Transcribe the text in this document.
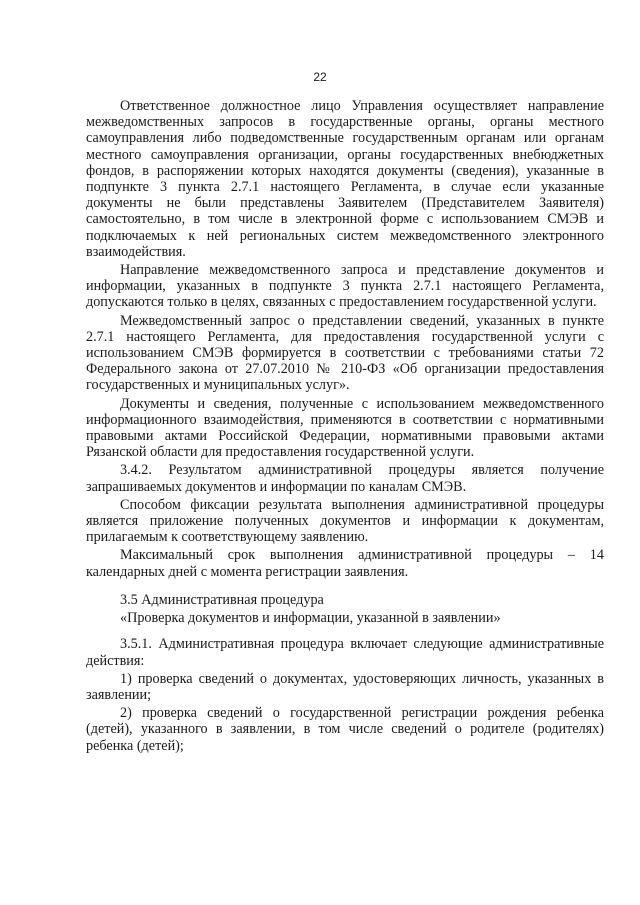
22

Ответственное должностное лицо Управления осуществляет направление межведомственных запросов в государственные органы, органы местного самоуправления либо подведомственные государственным органам или органам местного самоуправления организации, органы государственных внебюджетных фондов, в распоряжении которых находятся документы (сведения), указанные в подпункте 3 пункта 2.7.1 настоящего Регламента, в случае если указанные документы не были представлены Заявителем (Представителем Заявителя) самостоятельно, в том числе в электронной форме с использованием СМЭВ и подключаемых к ней региональных систем межведомственного электронного взаимодействия.

Направление межведомственного запроса и представление документов и информации, указанных в подпункте 3 пункта 2.7.1 настоящего Регламента, допускаются только в целях, связанных с предоставлением государственной услуги.

Межведомственный запрос о представлении сведений, указанных в пункте 2.7.1 настоящего Регламента, для предоставления государственной услуги с использованием СМЭВ формируется в соответствии с требованиями статьи 72 Федерального закона от 27.07.2010 № 210-ФЗ «Об организации предоставления государственных и муниципальных услуг».

Документы и сведения, полученные с использованием межведомственного информационного взаимодействия, применяются в соответствии с нормативными правовыми актами Российской Федерации, нормативными правовыми актами Рязанской области для предоставления государственной услуги.

3.4.2. Результатом административной процедуры является получение запрашиваемых документов и информации по каналам СМЭВ.

Способом фиксации результата выполнения административной процедуры является приложение полученных документов и информации к документам, прилагаемым к соответствующему заявлению.

Максимальный срок выполнения административной процедуры – 14 календарных дней с момента регистрации заявления.

3.5 Административная процедура

«Проверка документов и информации, указанной в заявлении»

3.5.1. Административная процедура включает следующие административные действия:

1) проверка сведений о документах, удостоверяющих личность, указанных в заявлении;

2) проверка сведений о государственной регистрации рождения ребенка (детей), указанного в заявлении, в том числе сведений о родителе (родителях) ребенка (детей);
